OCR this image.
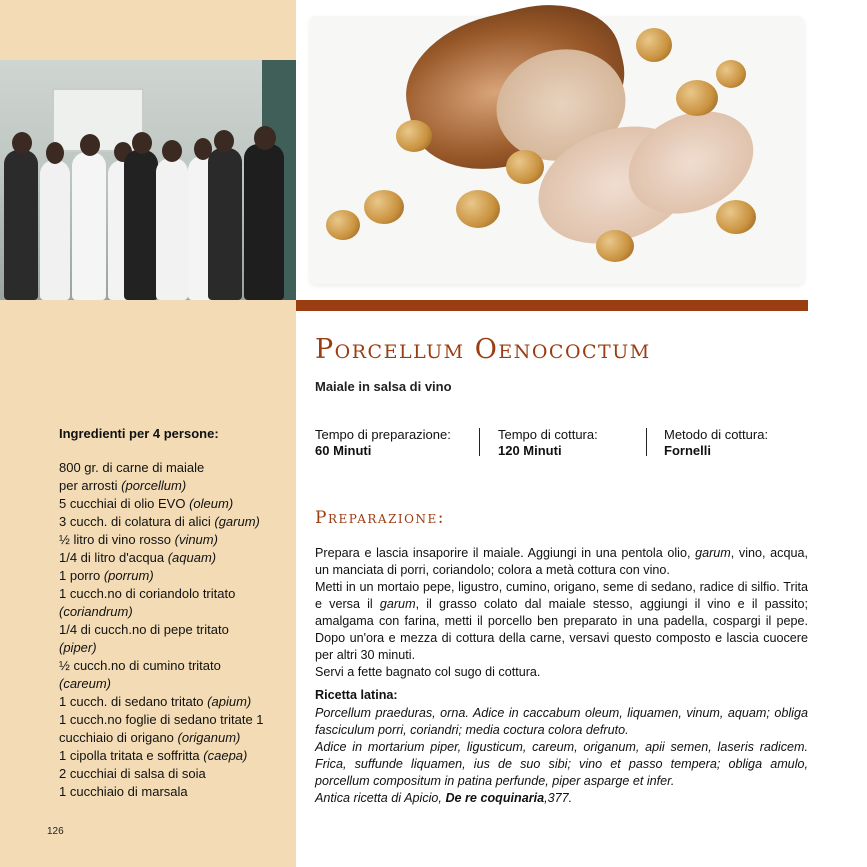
Porcellum Oenococtum

Maiale in salsa di vino

Tempo di preparazione:
60 Minuti
Tempo di cottura:
120 Minuti
Metodo di cottura:
Fornelli
Preparazione:

Prepara e lascia insaporire il maiale. Aggiungi in una pentola olio, garum, vino, acqua, un manciata di porri, coriandolo; colora a metà cottura con vino.

Metti in un mortaio pepe, ligustro, cumino, origano, seme di sedano, radice di silfio. Trita e versa il garum, il grasso colato dal maiale stesso, aggiungi il vino e il passito; amalgama con farina, metti il porcello ben preparato in una padella, cospargi il pepe. Dopo un'ora e mezza di cottura della carne, versavi questo composto e lascia cuocere per altri 30 minuti.

Servi a fette bagnato col sugo di cottura.

Ricetta latina:

Porcellum praeduras, orna. Adice in caccabum oleum, liquamen, vinum, aquam; obliga fasciculum porri, coriandri; media coctura colora defruto.

Adice in mortarium piper, ligusticum, careum, origanum, apii semen, laseris radicem. Fricа, suffunde liquamen, ius de suo sibi; vino et passo tempera; obliga amulo, porcellum compositum in patina perfunde, piper asparge et infer.

Antica ricetta di Apicio, De re coquinaria,377.

Ingredienti per 4 persone:

800 gr. di carne di maiale
per arrosti (porcellum)
5 cucchiai di olio EVO (oleum)
3 cucch. di colatura di alici (garum)
½ litro di vino rosso (vinum)
1/4 di litro d'acqua (aquam)
1 porro (porrum)
1 cucch.no di coriandolo tritato
(coriandrum)
1/4 di cucch.no di pepe tritato
(piper)
½ cucch.no di cumino tritato
(careum)
1 cucch. di sedano tritato (apium)
1 cucch.no foglie di sedano tritate 1
cucchiaio di origano (origanum)
1 cipolla tritata e soffritta (caepa)
2 cucchiai di salsa di soia
1 cucchiaio di marsala
126
